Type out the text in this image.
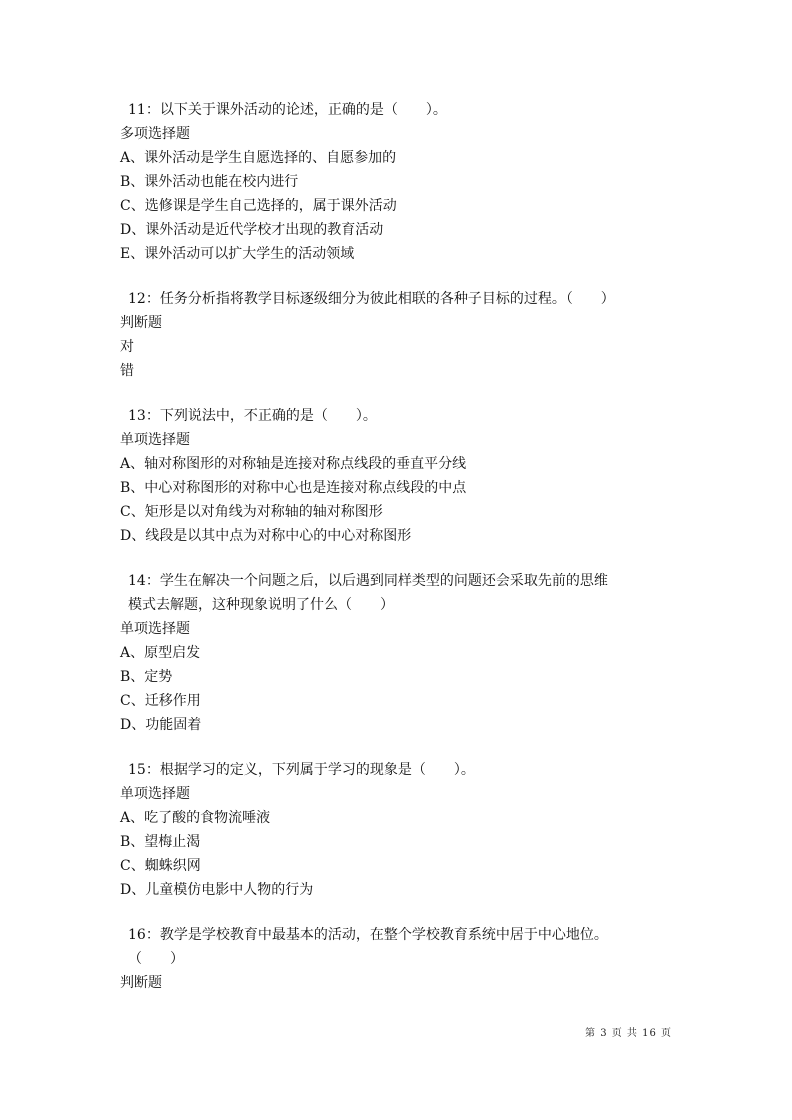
11：以下关于课外活动的论述，正确的是（　　）。
多项选择题
A、课外活动是学生自愿选择的、自愿参加的
B、课外活动也能在校内进行
C、选修课是学生自己选择的，属于课外活动
D、课外活动是近代学校才出现的教育活动
E、课外活动可以扩大学生的活动领域
12：任务分析指将教学目标逐级细分为彼此相联的各种子目标的过程。（　　）
判断题
对
错
13：下列说法中，不正确的是（　　）。
单项选择题
A、轴对称图形的对称轴是连接对称点线段的垂直平分线
B、中心对称图形的对称中心也是连接对称点线段的中点
C、矩形是以对角线为对称轴的轴对称图形
D、线段是以其中点为对称中心的中心对称图形
14：学生在解决一个问题之后，以后遇到同样类型的问题还会采取先前的思维
模式去解题，这种现象说明了什么（　　）
单项选择题
A、原型启发
B、定势
C、迁移作用
D、功能固着
15：根据学习的定义，下列属于学习的现象是（　　）。
单项选择题
A、吃了酸的食物流唾液
B、望梅止渴
C、蜘蛛织网
D、儿童模仿电影中人物的行为
16：教学是学校教育中最基本的活动，在整个学校教育系统中居于中心地位。
（　　）
判断题
第 3 页 共 16 页
